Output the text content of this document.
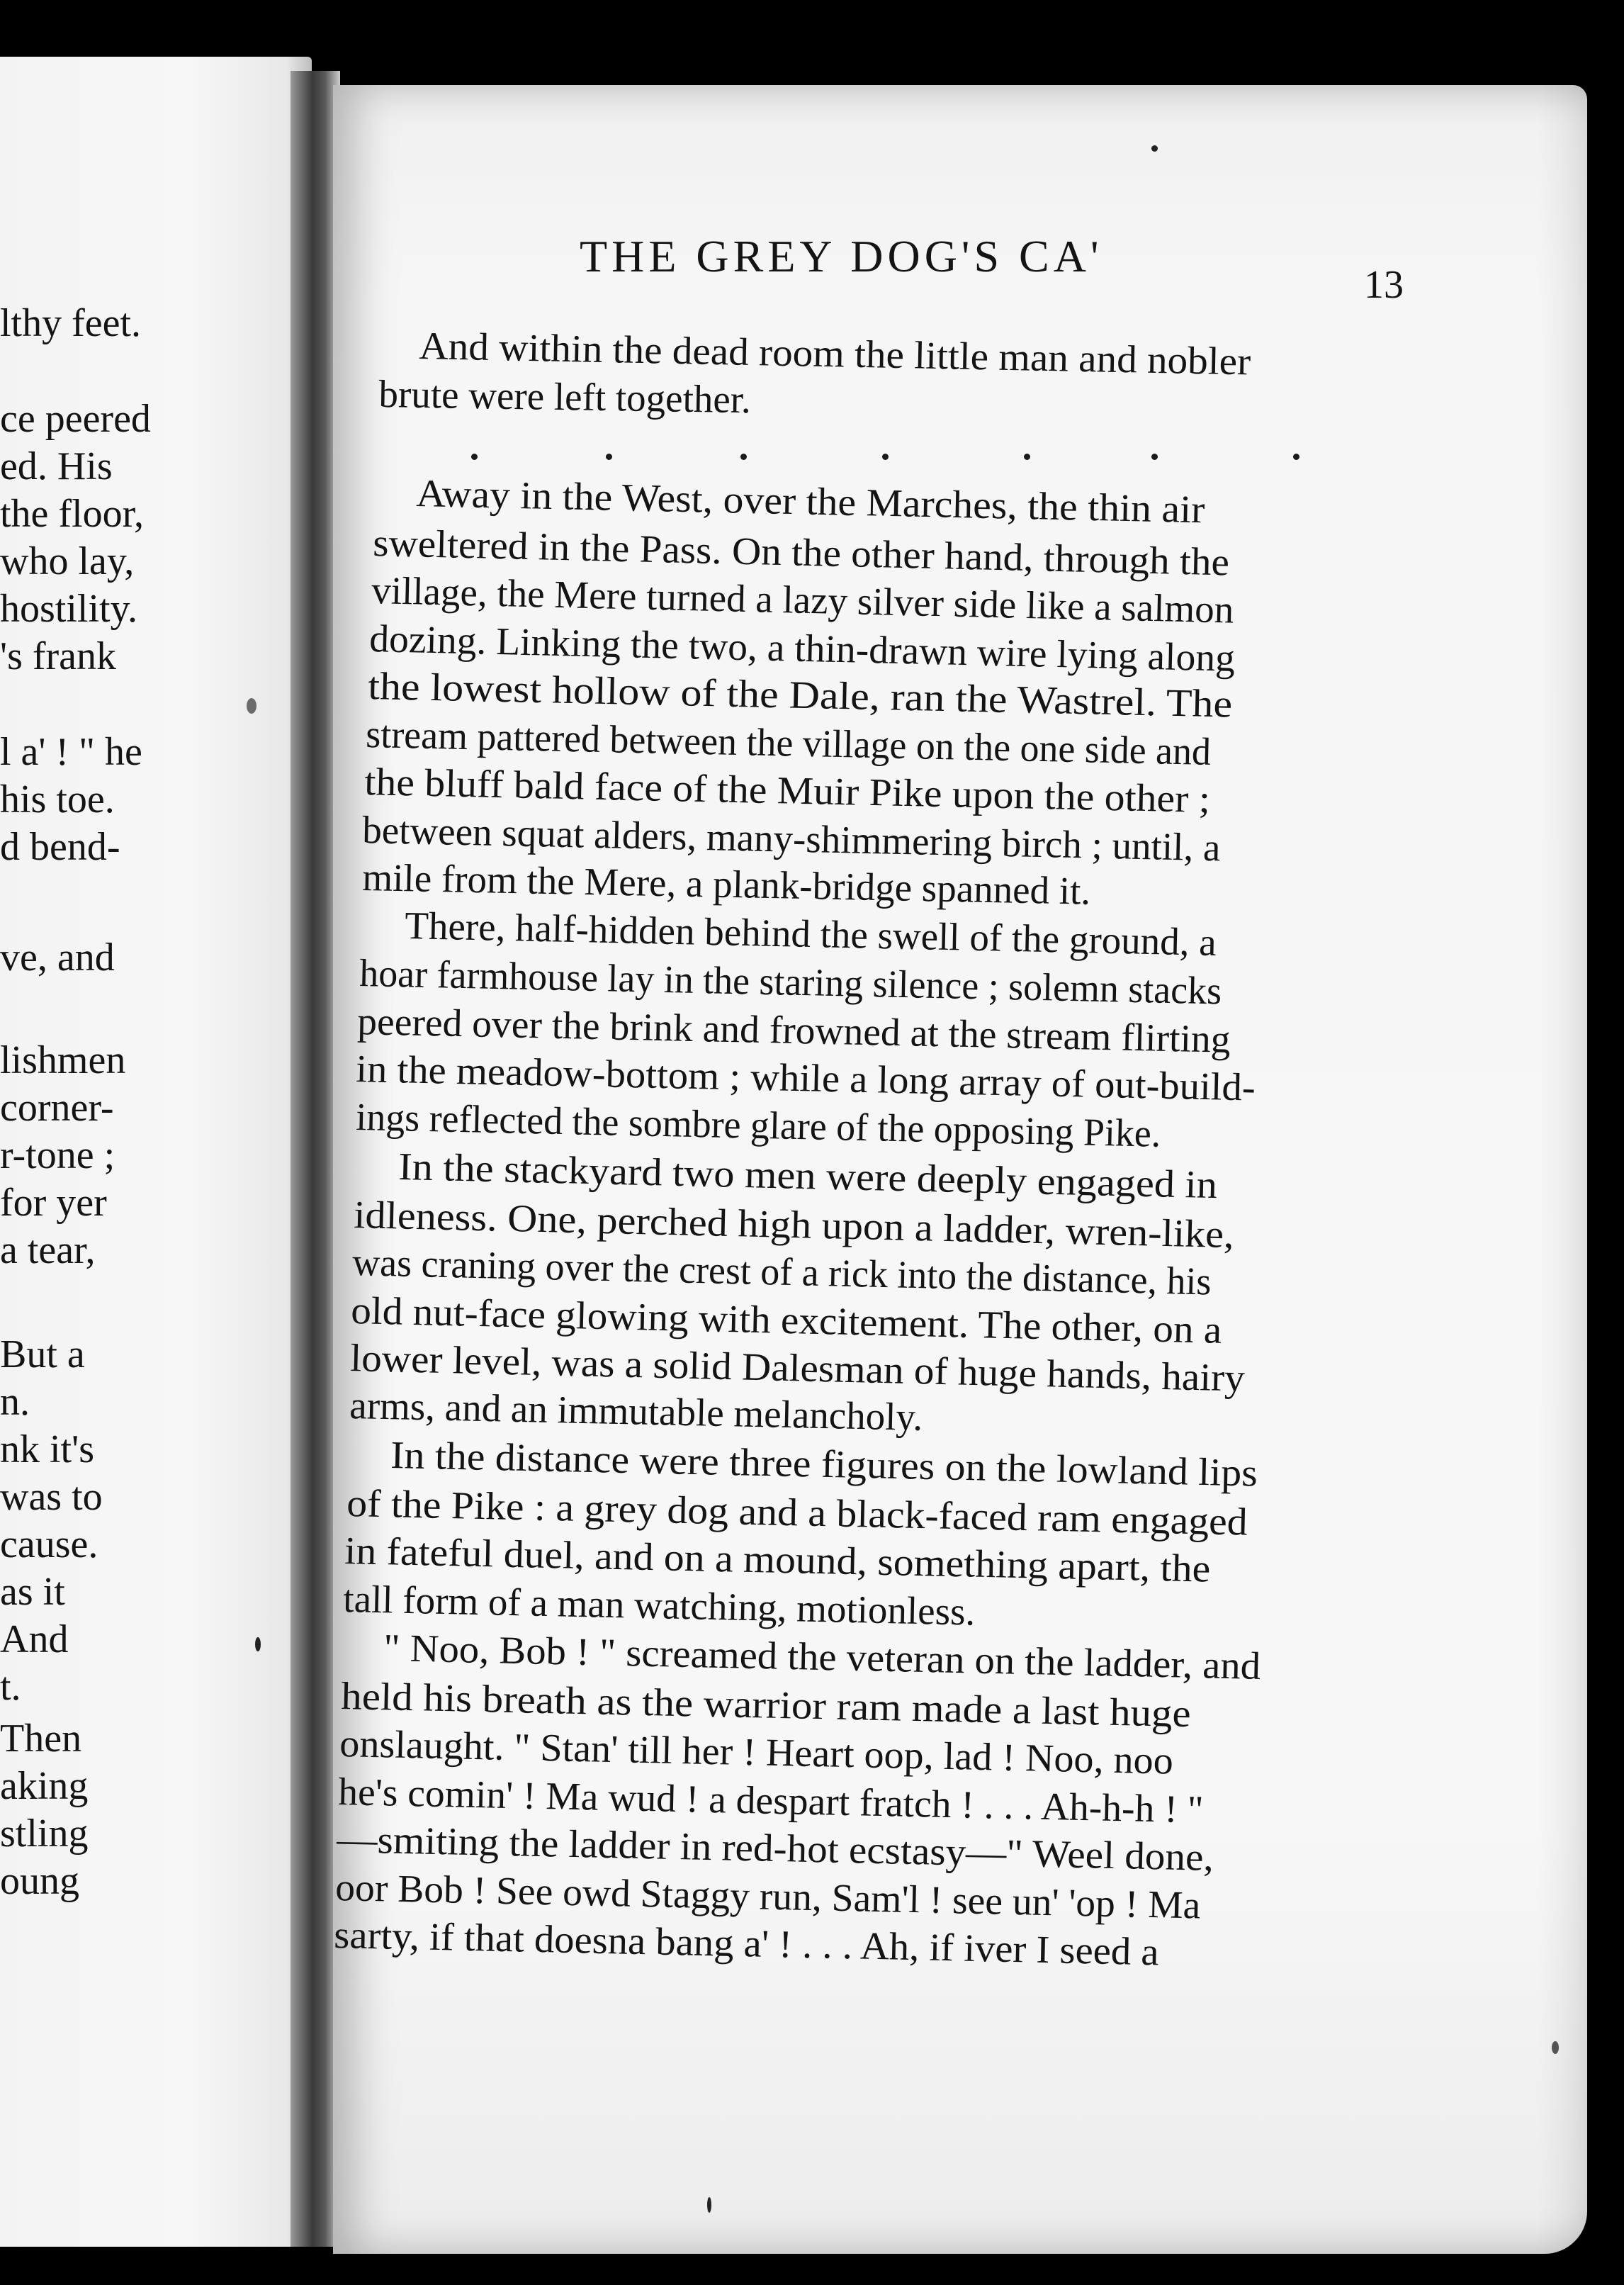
lthy feet.
ce peered
ed. His
the floor,
who lay,
hostility.
's frank
l a' ! " he
his toe.
d bend-
ve, and
lishmen
corner-
r-tone ;
for yer
a tear,
But a
n.
nk it's
was to
cause.
as it
And
t.
Then
aking
stling
oung
THE GREY DOG'S CA'
13
And within the dead room the little man and nobler
brute were left together.
Away in the West, over the Marches, the thin air
sweltered in the Pass. On the other hand, through the
village, the Mere turned a lazy silver side like a salmon
dozing. Linking the two, a thin-drawn wire lying along
the lowest hollow of the Dale, ran the Wastrel. The
stream pattered between the village on the one side and
the bluff bald face of the Muir Pike upon the other ;
between squat alders, many-shimmering birch ; until, a
mile from the Mere, a plank-bridge spanned it.
There, half-hidden behind the swell of the ground, a
hoar farmhouse lay in the staring silence ; solemn stacks
peered over the brink and frowned at the stream flirting
in the meadow-bottom ; while a long array of out-build-
ings reflected the sombre glare of the opposing Pike.
In the stackyard two men were deeply engaged in
idleness. One, perched high upon a ladder, wren-like,
was craning over the crest of a rick into the distance, his
old nut-face glowing with excitement. The other, on a
lower level, was a solid Dalesman of huge hands, hairy
arms, and an immutable melancholy.
In the distance were three figures on the lowland lips
of the Pike : a grey dog and a black-faced ram engaged
in fateful duel, and on a mound, something apart, the
tall form of a man watching, motionless.
" Noo, Bob ! " screamed the veteran on the ladder, and
held his breath as the warrior ram made a last huge
onslaught. " Stan' till her ! Heart oop, lad ! Noo, noo
he's comin' ! Ma wud ! a despart fratch ! . . . Ah-h-h ! "
—smiting the ladder in red-hot ecstasy—" Weel done,
oor Bob ! See owd Staggy run, Sam'l ! see un' 'op ! Ma
sarty, if that doesna bang a' ! . . . Ah, if iver I seed a
